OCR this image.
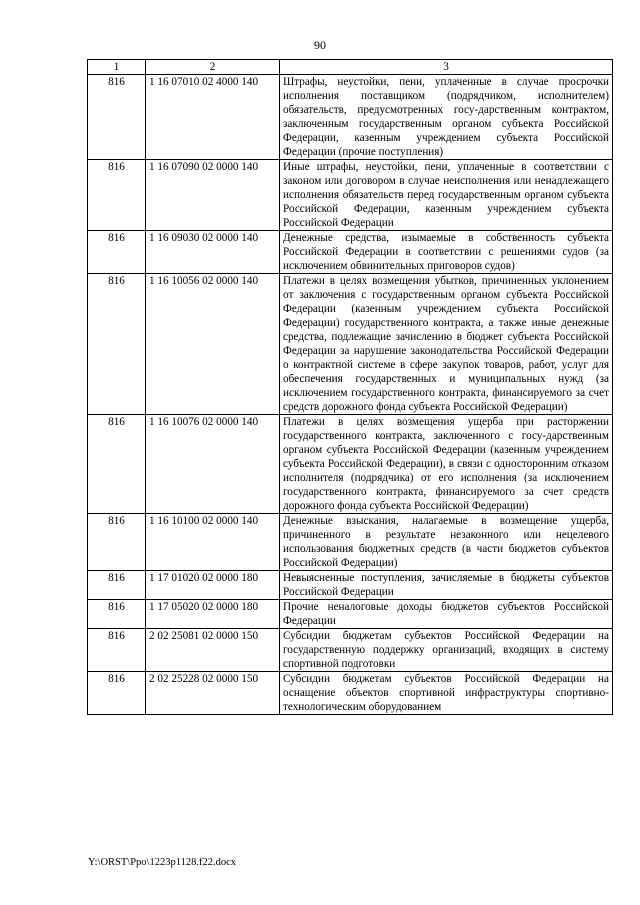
90
1	2	3
816	1 16 07010 02 4000 140	Штрафы, неустойки, пени, уплаченные в случае просрочки исполнения поставщиком (подрядчиком, исполнителем) обязательств, предусмотренных госу-дарственным контрактом, заключенным государственным органом субъекта Российской Федерации, казенным учреждением субъекта Российской Федерации (прочие поступления)
816	1 16 07090 02 0000 140	Иные штрафы, неустойки, пени, уплаченные в соответствии с законом или договором в случае неисполнения или ненадлежащего исполнения обязательств перед государственным органом субъекта Российской Федерации, казенным учреждением субъекта Российской Федерации
816	1 16 09030 02 0000 140	Денежные средства, изымаемые в собственность субъекта Российской Федерации в соответствии с решениями судов (за исключением обвинительных приговоров судов)
816	1 16 10056 02 0000 140	Платежи в целях возмещения убытков, причиненных уклонением от заключения с государственным органом субъекта Российской Федерации (казенным учреждением субъекта Российской Федерации) государственного контракта, а также иные денежные средства, подлежащие зачислению в бюджет субъекта Российской Федерации за нарушение законодательства Российской Федерации о контрактной системе в сфере закупок товаров, работ, услуг для обеспечения государственных и муниципальных нужд (за исключением государственного контракта, финансируемого за счет средств дорожного фонда субъекта Российской Федерации)
816	1 16 10076 02 0000 140	Платежи в целях возмещения ущерба при расторжении государственного контракта, заключенного с госу-дарственным органом субъекта Российской Федерации (казенным учреждением субъекта Российской Федерации), в связи с односторонним отказом исполнителя (подрядчика) от его исполнения (за исключением государственного контракта, финансируемого за счет средств дорожного фонда субъекта Российской Федерации)
816	1 16 10100 02 0000 140	Денежные взыскания, налагаемые в возмещение ущерба, причиненного в результате незаконного или нецелевого использования бюджетных средств (в части бюджетов субъектов Российской Федерации)
816	1 17 01020 02 0000 180	Невыясненные поступления, зачисляемые в бюджеты субъектов Российской Федерации
816	1 17 05020 02 0000 180	Прочие неналоговые доходы бюджетов субъектов Российской Федерации
816	2 02 25081 02 0000 150	Субсидии бюджетам субъектов Российской Федерации на государственную поддержку организаций, входящих в систему спортивной подготовки
816	2 02 25228 02 0000 150	Субсидии бюджетам субъектов Российской Федерации на оснащение объектов спортивной инфраструктуры спортивно-технологическим оборудованием
Y:\ORST\Ppo\1223p1128.f22.docx
